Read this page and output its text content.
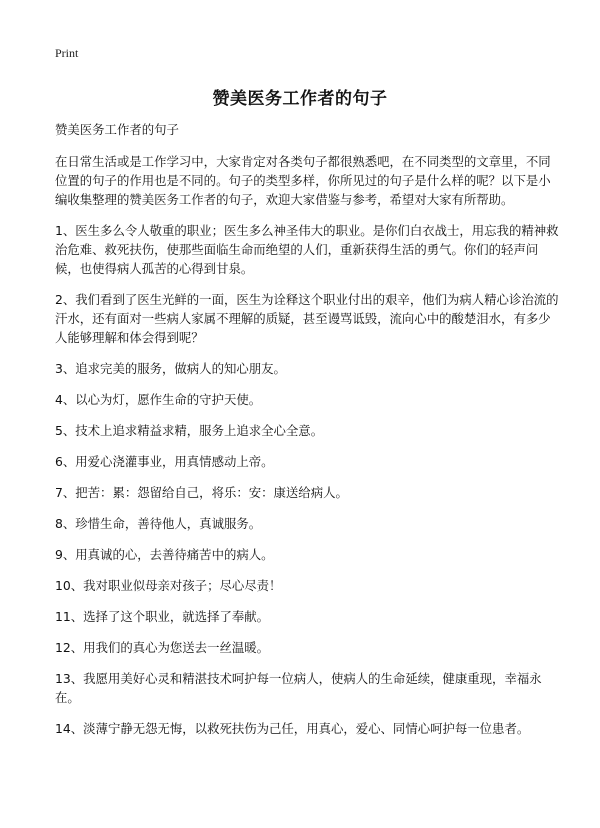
Print
赞美医务工作者的句子

赞美医务工作者的句子

在日常生活或是工作学习中，大家肯定对各类句子都很熟悉吧，在不同类型的文章里，不同位置的句子的作用也是不同的。句子的类型多样，你所见过的句子是什么样的呢？以下是小编收集整理的赞美医务工作者的句子，欢迎大家借鉴与参考，希望对大家有所帮助。

1、医生多么令人敬重的职业；医生多么神圣伟大的职业。是你们白衣战士，用忘我的精神救治危难、救死扶伤，使那些面临生命而绝望的人们，重新获得生活的勇气。你们的轻声问候，也使得病人孤苦的心得到甘泉。

2、我们看到了医生光鲜的一面，医生为诠释这个职业付出的艰辛，他们为病人精心诊治流的汗水，还有面对一些病人家属不理解的质疑，甚至谩骂诋毁，流向心中的酸楚泪水，有多少人能够理解和体会得到呢？

3、追求完美的服务，做病人的知心朋友。

4、以心为灯，愿作生命的守护天使。

5、技术上追求精益求精，服务上追求全心全意。

6、用爱心浇灌事业，用真情感动上帝。

7、把苦：累：怨留给自己，将乐：安：康送给病人。

8、珍惜生命，善待他人，真诚服务。

9、用真诚的心，去善待痛苦中的病人。

10、我对职业似母亲对孩子；尽心尽责！

11、选择了这个职业，就选择了奉献。

12、用我们的真心为您送去一丝温暖。

13、我愿用美好心灵和精湛技术呵护每一位病人，使病人的生命延续，健康重现，幸福永在。

14、淡薄宁静无怨无悔，以救死扶伤为己任，用真心，爱心、同情心呵护每一位患者。
